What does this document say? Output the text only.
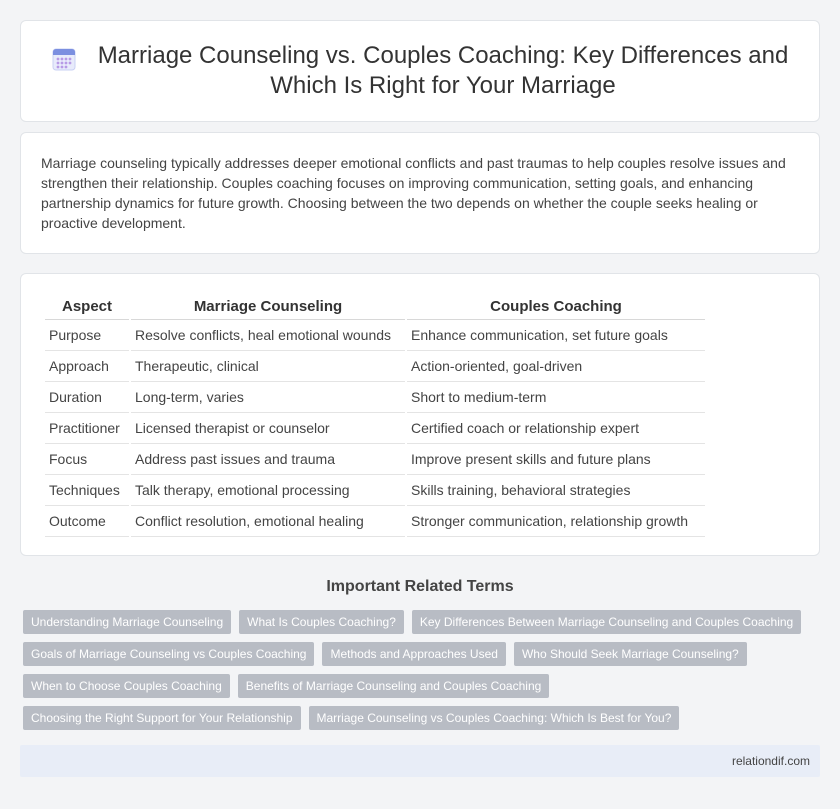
Marriage Counseling vs. Couples Coaching: Key Differences and Which Is Right for Your Marriage

Marriage counseling typically addresses deeper emotional conflicts and past traumas to help couples resolve issues and strengthen their relationship. Couples coaching focuses on improving communication, setting goals, and enhancing partnership dynamics for future growth. Choosing between the two depends on whether the couple seeks healing or proactive development.

Aspect	Marriage Counseling	Couples Coaching
Purpose	Resolve conflicts, heal emotional wounds	Enhance communication, set future goals
Approach	Therapeutic, clinical	Action-oriented, goal-driven
Duration	Long-term, varies	Short to medium-term
Practitioner	Licensed therapist or counselor	Certified coach or relationship expert
Focus	Address past issues and trauma	Improve present skills and future plans
Techniques	Talk therapy, emotional processing	Skills training, behavioral strategies
Outcome	Conflict resolution, emotional healing	Stronger communication, relationship growth
Important Related Terms
Understanding Marriage Counseling	What Is Couples Coaching?	Key Differences Between Marriage Counseling and Couples Coaching
Goals of Marriage Counseling vs Couples Coaching	Methods and Approaches Used	Who Should Seek Marriage Counseling?
When to Choose Couples Coaching	Benefits of Marriage Counseling and Couples Coaching
Choosing the Right Support for Your Relationship	Marriage Counseling vs Couples Coaching: Which Is Best for You?
relationdif.com
